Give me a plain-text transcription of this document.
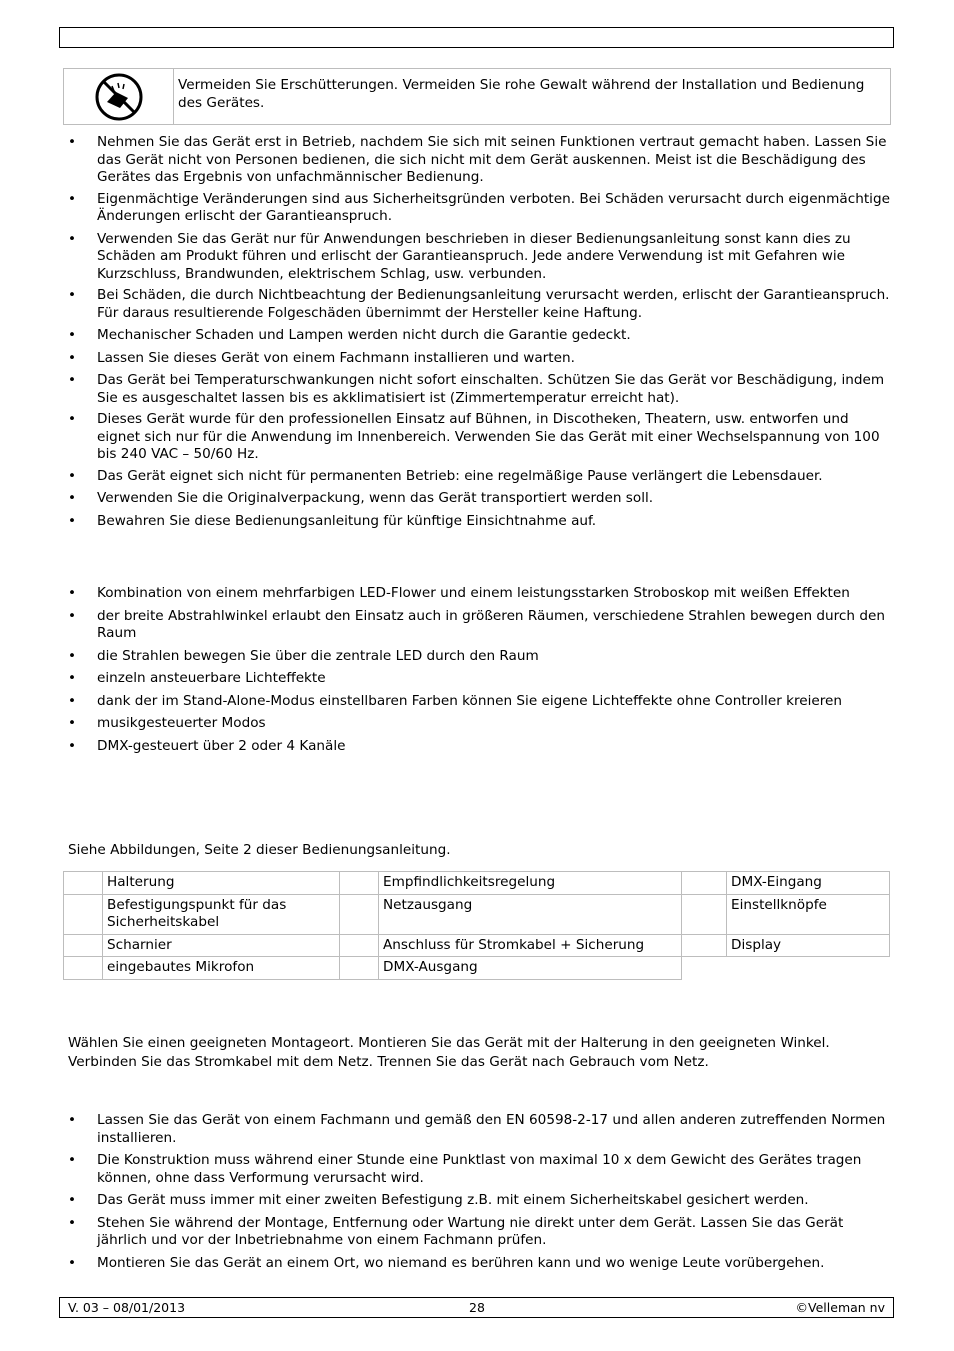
Vermeiden Sie Erschütterungen. Vermeiden Sie rohe Gewalt während der Installation und Bedienung des Gerätes.
• Nehmen Sie das Gerät erst in Betrieb, nachdem Sie sich mit seinen Funktionen vertraut gemacht haben. Lassen Sie das Gerät nicht von Personen bedienen, die sich nicht mit dem Gerät auskennen. Meist ist die Beschädigung des Gerätes das Ergebnis von unfachmännischer Bedienung.
• Eigenmächtige Veränderungen sind aus Sicherheitsgründen verboten. Bei Schäden verursacht durch eigenmächtige Änderungen erlischt der Garantieanspruch.
• Verwenden Sie das Gerät nur für Anwendungen beschrieben in dieser Bedienungsanleitung sonst kann dies zu Schäden am Produkt führen und erlischt der Garantieanspruch. Jede andere Verwendung ist mit Gefahren wie Kurzschluss, Brandwunden, elektrischem Schlag, usw. verbunden.
• Bei Schäden, die durch Nichtbeachtung der Bedienungsanleitung verursacht werden, erlischt der Garantieanspruch. Für daraus resultierende Folgeschäden übernimmt der Hersteller keine Haftung.
• Mechanischer Schaden und Lampen werden nicht durch die Garantie gedeckt.
• Lassen Sie dieses Gerät von einem Fachmann installieren und warten.
• Das Gerät bei Temperaturschwankungen nicht sofort einschalten. Schützen Sie das Gerät vor Beschädigung, indem Sie es ausgeschaltet lassen bis es akklimatisiert ist (Zimmertemperatur erreicht hat).
• Dieses Gerät wurde für den professionellen Einsatz auf Bühnen, in Discotheken, Theatern, usw. entworfen und eignet sich nur für die Anwendung im Innenbereich. Verwenden Sie das Gerät mit einer Wechselspannung von 100 bis 240 VAC – 50/60 Hz.
• Das Gerät eignet sich nicht für permanenten Betrieb: eine regelmäßige Pause verlängert die Lebensdauer.
• Verwenden Sie die Originalverpackung, wenn das Gerät transportiert werden soll.
• Bewahren Sie diese Bedienungsanleitung für künftige Einsichtnahme auf.
• Kombination von einem mehrfarbigen LED-Flower und einem leistungsstarken Stroboskop mit weißen Effekten
• der breite Abstrahlwinkel erlaubt den Einsatz auch in größeren Räumen, verschiedene Strahlen bewegen durch den Raum
• die Strahlen bewegen Sie über die zentrale LED durch den Raum
• einzeln ansteuerbare Lichteffekte
• dank der im Stand-Alone-Modus einstellbaren Farben können Sie eigene Lichteffekte ohne Controller kreieren
• musikgesteuerter Modos
• DMX-gesteuert über 2 oder 4 Kanäle
Siehe Abbildungen, Seite 2 dieser Bedienungsanleitung.
	Halterung		Empfindlichkeitsregelung		DMX-Eingang
	Befestigungspunkt für das Sicherheitskabel		Netzausgang		Einstellknöpfe
	Scharnier		Anschluss für Stromkabel + Sicherung		Display
	eingebautes Mikrofon		DMX-Ausgang		
Wählen Sie einen geeigneten Montageort. Montieren Sie das Gerät mit der Halterung in den geeigneten Winkel. Verbinden Sie das Stromkabel mit dem Netz. Trennen Sie das Gerät nach Gebrauch vom Netz.
• Lassen Sie das Gerät von einem Fachmann und gemäß den EN 60598-2-17 und allen anderen zutreffenden Normen installieren.
• Die Konstruktion muss während einer Stunde eine Punktlast von maximal 10 x dem Gewicht des Gerätes tragen können, ohne dass Verformung verursacht wird.
• Das Gerät muss immer mit einer zweiten Befestigung z.B. mit einem Sicherheitskabel gesichert werden.
• Stehen Sie während der Montage, Entfernung oder Wartung nie direkt unter dem Gerät. Lassen Sie das Gerät jährlich und vor der Inbetriebnahme von einem Fachmann prüfen.
• Montieren Sie das Gerät an einem Ort, wo niemand es berühren kann und wo wenige Leute vorübergehen.
V. 03 – 08/01/2013	28	©Velleman nv
